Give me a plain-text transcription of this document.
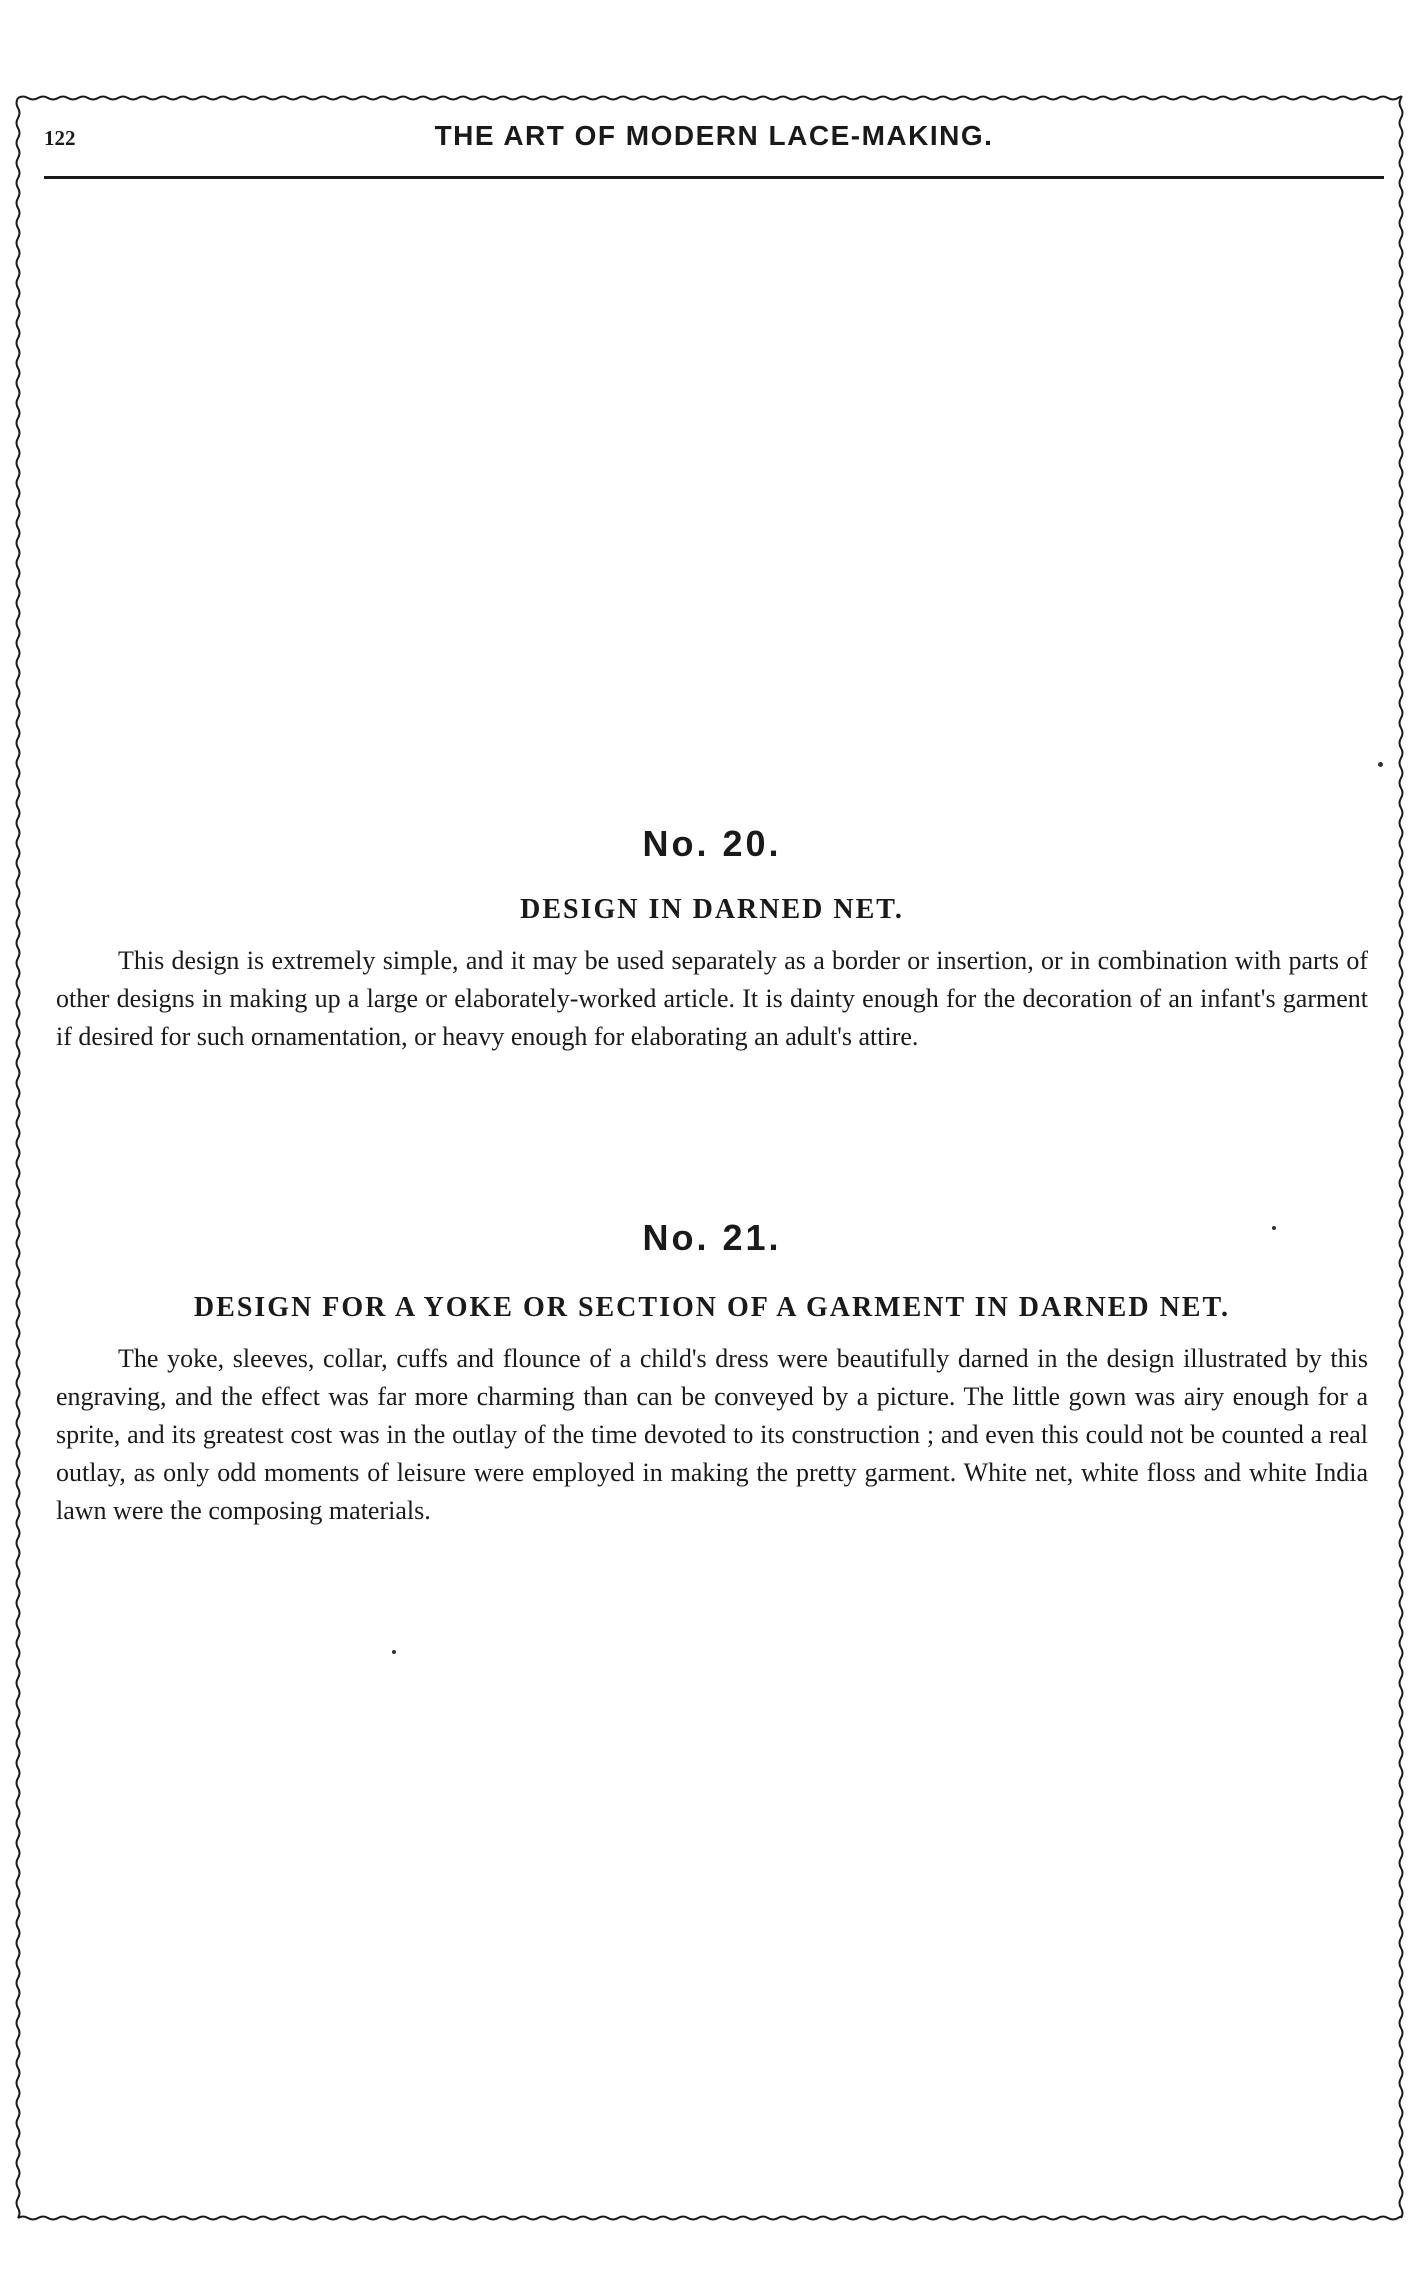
122	THE ART OF MODERN LACE-MAKING.
No. 20.
DESIGN IN DARNED NET.

This design is extremely simple, and it may be used separately as a border or insertion, or in combination with parts of other designs in making up a large or elaborately-worked article. It is dainty enough for the decoration of an infant's garment if desired for such ornamentation, or heavy enough for elaborating an adult's attire.

No. 21.
DESIGN FOR A YOKE OR SECTION OF A GARMENT IN DARNED NET.

The yoke, sleeves, collar, cuffs and flounce of a child's dress were beautifully darned in the design illustrated by this engraving, and the effect was far more charming than can be conveyed by a picture. The little gown was airy enough for a sprite, and its greatest cost was in the outlay of the time devoted to its construction ; and even this could not be counted a real outlay, as only odd moments of leisure were employed in making the pretty garment. White net, white floss and white India lawn were the composing materials.
